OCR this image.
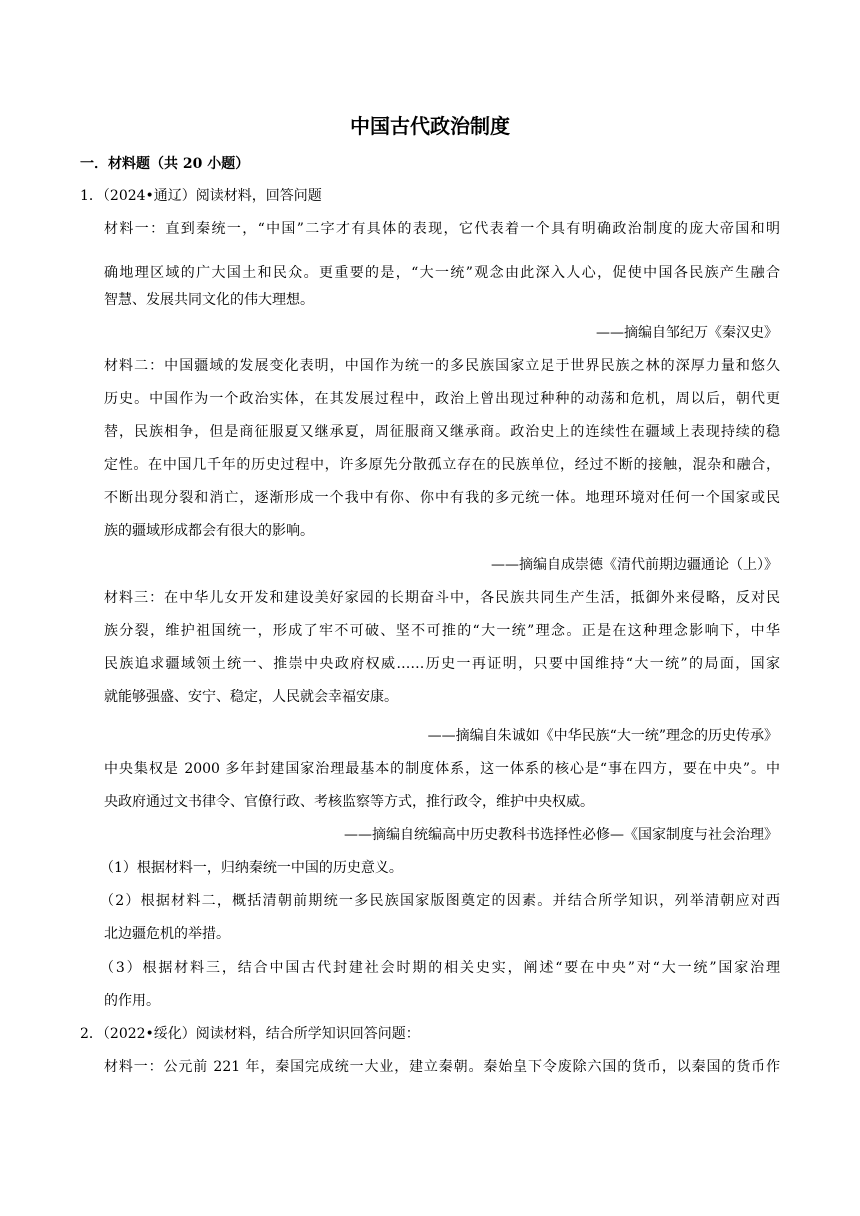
中国古代政治制度
一．材料题（共 20 小题）
1．（2024•通辽）阅读材料，回答问题
材料一：直到秦统一，“中国”二字才有具体的表现，它代表着一个具有明确政治制度的庞大帝国和明
确地理区域的广大国土和民众。更重要的是，“大一统”观念由此深入人心，促使中国各民族产生融合
智慧、发展共同文化的伟大理想。
——摘编自邹纪万《秦汉史》
材料二：中国疆域的发展变化表明，中国作为统一的多民族国家立足于世界民族之林的深厚力量和悠久
历史。中国作为一个政治实体，在其发展过程中，政治上曾出现过种种的动荡和危机，周以后，朝代更
替，民族相争，但是商征服夏又继承夏，周征服商又继承商。政治史上的连续性在疆域上表现持续的稳
定性。在中国几千年的历史过程中，许多原先分散孤立存在的民族单位，经过不断的接触，混杂和融合，
不断出现分裂和消亡，逐渐形成一个我中有你、你中有我的多元统一体。地理环境对任何一个国家或民
族的疆域形成都会有很大的影响。
——摘编自成崇德《清代前期边疆通论（上）》
材料三：在中华儿女开发和建设美好家园的长期奋斗中，各民族共同生产生活，抵御外来侵略，反对民
族分裂，维护祖国统一，形成了牢不可破、坚不可推的“大一统”理念。正是在这种理念影响下，中华
民族追求疆域领土统一、推崇中央政府权威……历史一再证明，只要中国维持“大一统”的局面，国家
就能够强盛、安宁、稳定，人民就会幸福安康。
——摘编自朱诚如《中华民族“大一统”理念的历史传承》
中央集权是 2000 多年封建国家治理最基本的制度体系，这一体系的核心是“事在四方，要在中央”。中
央政府通过文书律令、官僚行政、考核监察等方式，推行政令，维护中央权威。
——摘编自统编高中历史教科书选择性必修—《国家制度与社会治理》
（1）根据材料一，归纳秦统一中国的历史意义。
（2）根据材料二，概括清朝前期统一多民族国家版图奠定的因素。并结合所学知识，列举清朝应对西
北边疆危机的举措。
（3）根据材料三，结合中国古代封建社会时期的相关史实，阐述“要在中央”对“大一统”国家治理
的作用。
2．（2022•绥化）阅读材料，结合所学知识回答问题：
材料一：公元前 221 年，秦国完成统一大业，建立秦朝。秦始皇下令废除六国的货币，以秦国的货币作
